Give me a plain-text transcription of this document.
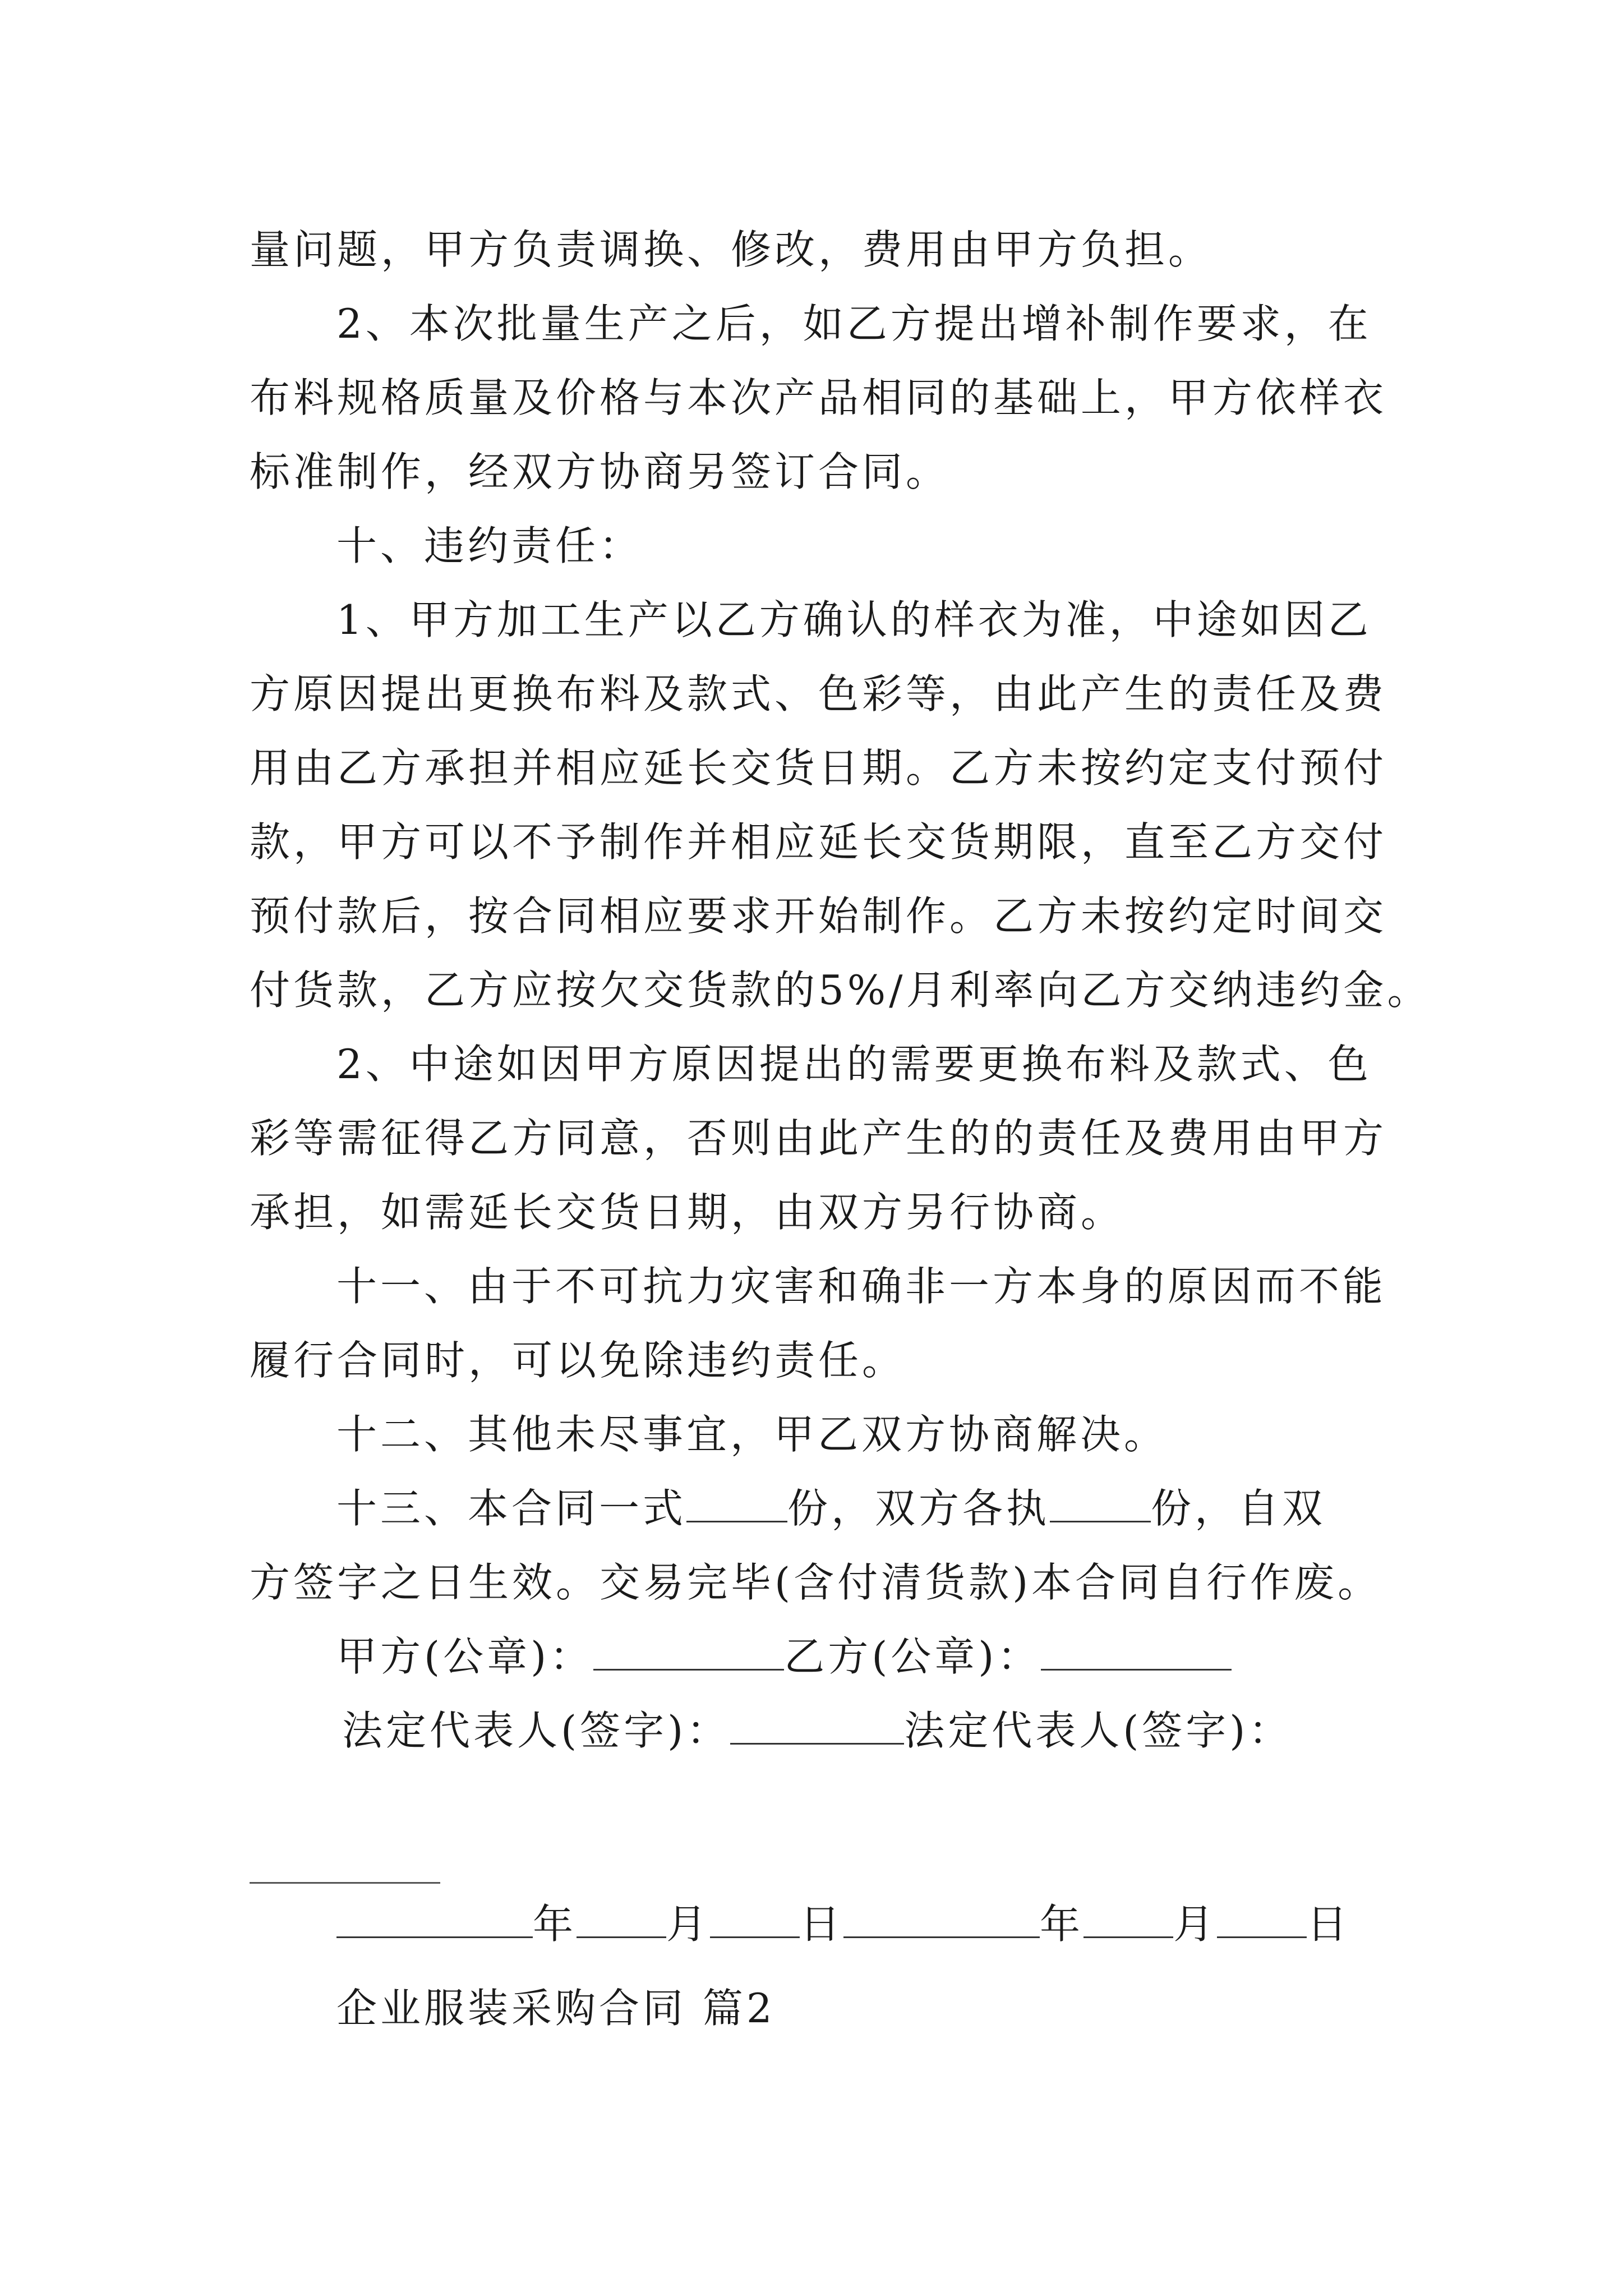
量问题，甲方负责调换、修改，费用由甲方负担。
2、本次批量生产之后，如乙方提出增补制作要求，在
布料规格质量及价格与本次产品相同的基础上，甲方依样衣
标准制作，经双方协商另签订合同。
十、违约责任：
1、甲方加工生产以乙方确认的样衣为准，中途如因乙
方原因提出更换布料及款式、色彩等，由此产生的责任及费
用由乙方承担并相应延长交货日期。乙方未按约定支付预付
款，甲方可以不予制作并相应延长交货期限，直至乙方交付
预付款后，按合同相应要求开始制作。乙方未按约定时间交
付货款，乙方应按欠交货款的5%/月利率向乙方交纳违约金。
2、中途如因甲方原因提出的需要更换布料及款式、色
彩等需征得乙方同意，否则由此产生的的责任及费用由甲方
承担，如需延长交货日期，由双方另行协商。
十一、由于不可抗力灾害和确非一方本身的原因而不能
履行合同时，可以免除违约责任。
十二、其他未尽事宜，甲乙双方协商解决。
十三、本合同一式	份，双方各执	份，自双
方签字之日生效。交易完毕(含付清货款)本合同自行作废。
甲方(公章)：	乙方(公章)：
法定代表人(签字)：	法定代表人(签字)：
年 月 日	年 月 日
企业服装采购合同 篇2
